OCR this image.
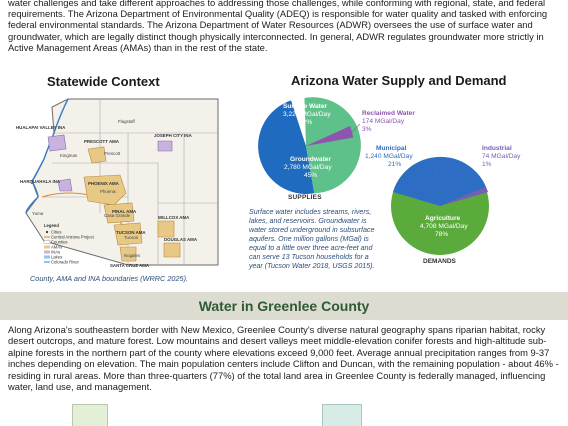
water challenges and take different approaches to addressing those challenges, while conforming with regional, state, and federal requirements. The Arizona Department of Environmental Quality (ADEQ) is responsible for water quality and tasked with enforcing federal environmental standards. The Arizona Department of Water Resources (ADWR) oversees the use of surface water and groundwater, which are legally distinct though physically interconnected. In general, ADWR regulates groundwater more strictly in Active Management Areas (AMAs) than in the rest of the state.

Statewide Context
HUALAPAI VALLEY INA
PRESCOTT AMA
JOSEPH CITY INA
HARQUAHALA INA	PHOENIX AMA
PINAL AMA
TUCSON AMA
SANTA CRUZ AMA
WILLCOX AMA
DOUGLAS AMA
Flagstaff
Kingman	Prescott
Phoenix
Yuma
Tucson
Casa Grande
Nogales
Legend
Cities
Central Arizona Project
Counties
AMAs
INAs
Lakes
Colorado River
County, AMA and INA boundaries (WRRC 2025).
Arizona Water Supply and Demand
Surface Water
3,220 MGal/Day
52%
Groundwater
2,780 MGal/Day
45%
Reclaimed Water
174 MGal/Day
3%
SUPPLIES
Municipal
1,240 MGal/Day
21%
Industrial
74 MGal/Day
1%
Agriculture
4,708 MGal/Day
78%
DEMANDS

Surface water includes streams, rivers, lakes, and reservoirs. Groundwater is water stored underground in subsurface aquifers. One million gallons (MGal) is equal to a little over three acre-feet and can serve 13 Tucson households for a year (Tucson Water 2018, USGS 2015).

Water in Greenlee County

Along Arizona's southeastern border with New Mexico, Greenlee County's diverse natural geography spans riparian habitat, rocky desert outcrops, and mature forest. Low mountains and desert valleys meet middle-elevation conifer forests and high-altitude sub-alpine forests in the northern part of the county where elevations exceed 9,000 feet. Average annual precipitation ranges from 9-37 inches depending on elevation. The main population centers include Clifton and Duncan, with the remaining population - about 46% - residing in rural areas. More than three-quarters (77%) of the total land area in Greenlee County is federally managed, influencing water, land use, and management.
